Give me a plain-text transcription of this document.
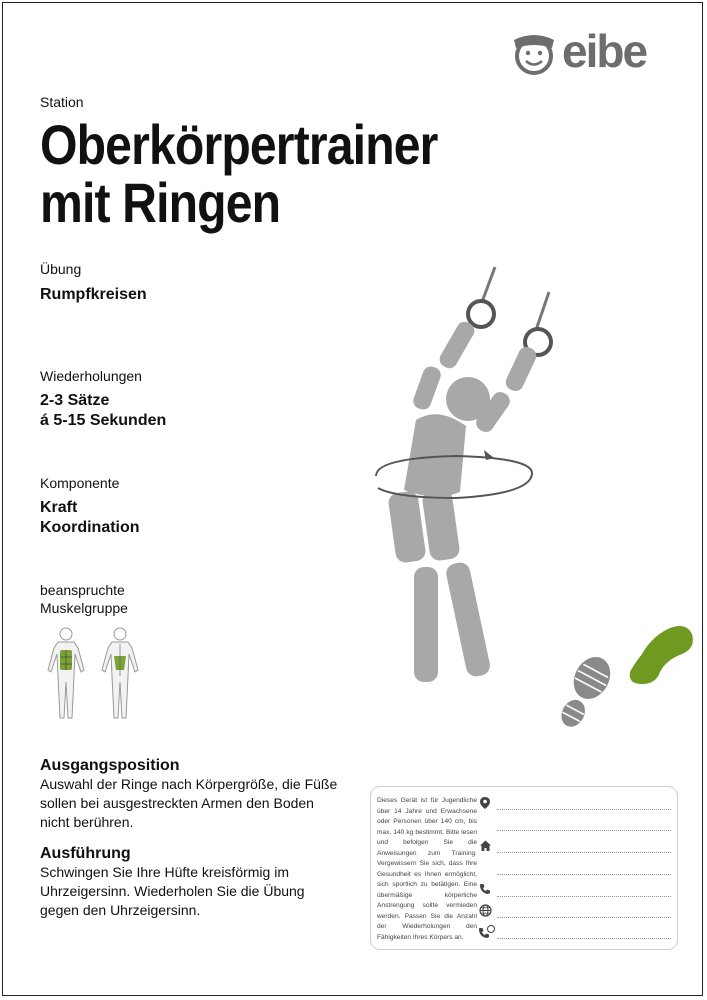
eibe
Station
Oberkörpertrainer
mit Ringen
Übung
Rumpfkreisen
Wiederholungen
2-3 Sätze
á 5-15 Sekunden
Komponente
Kraft
Koordination
beanspruchte
Muskelgruppe
Ausgangsposition
Auswahl der Ringe nach Körpergröße, die Füße sollen bei ausgestreckten Armen den Boden nicht berühren.
Ausführung
Schwingen Sie Ihre Hüfte kreisförmig im Uhrzeigersinn. Wiederholen Sie die Übung gegen den Uhrzeigersinn.
Dieses Gerät ist für Jugendliche über 14 Jahre und Erwachsene oder Personen über 140 cm, bis max. 140 kg bestimmt. Bitte lesen und befolgen Sie die Anweisungen zum Training. Vergewissern Sie sich, dass Ihre Gesundheit es Ihnen ermöglicht, sich sportlich zu betätigen. Eine übermäßige körperliche Anstrengung sollte vermieden werden. Passen Sie die Anzahl der Wiederholungen den Fähigkeiten Ihres Körpers an.
